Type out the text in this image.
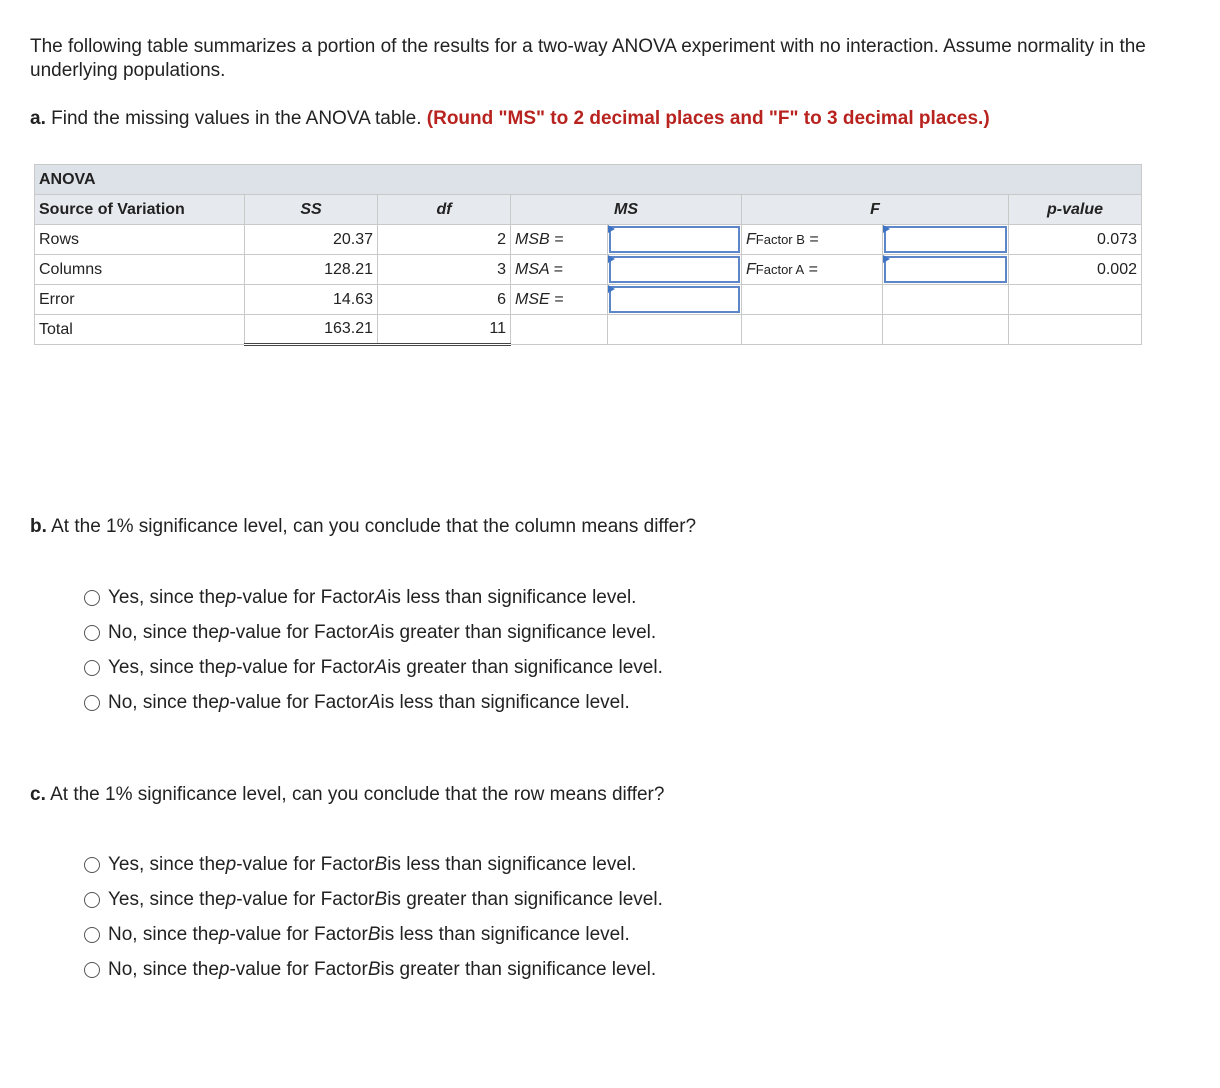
The following table summarizes a portion of the results for a two-way ANOVA experiment with no interaction. Assume normality in the underlying populations.
a. Find the missing values in the ANOVA table. (Round "MS" to 2 decimal places and "F" to 3 decimal places.)
ANOVA							
Source of Variation	SS	df	MS		F		p-value
Rows	20.37	2	MSB =		FFactor B =		0.073
Columns	128.21	3	MSA =		FFactor A =		0.002
Error	14.63	6	MSE =	

Total	163.21	11					
b. At the 1% significance level, can you conclude that the column means differ?
Yes, since the p -value for Factor A is less than significance level.
No, since the p -value for Factor A is greater than significance level.
Yes, since the p -value for Factor A is greater than significance level.
No, since the p -value for Factor A is less than significance level.
c. At the 1% significance level, can you conclude that the row means differ?
Yes, since the p -value for Factor B is less than significance level.
Yes, since the p -value for Factor B is greater than significance level.
No, since the p -value for Factor B is less than significance level.
No, since the p -value for Factor B is greater than significance level.
